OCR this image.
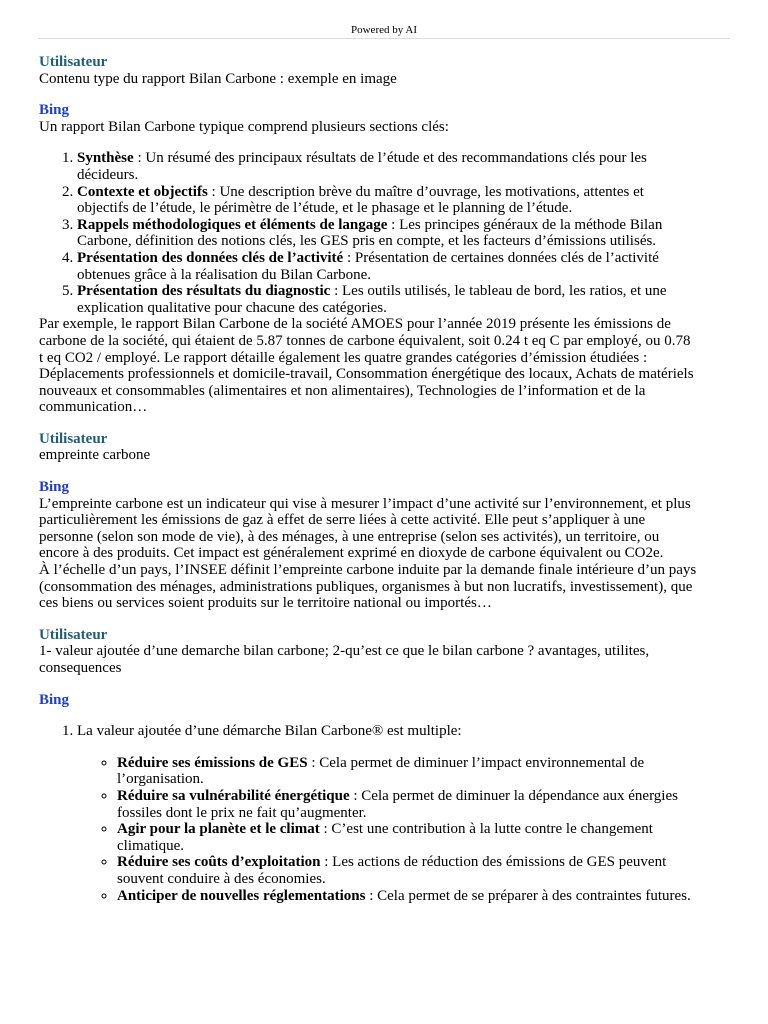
Powered by AI
Utilisateur

Contenu type du rapport Bilan Carbone : exemple en image

Bing

Un rapport Bilan Carbone typique comprend plusieurs sections clés:

1. Synthèse : Un résumé des principaux résultats de l’étude et des recommandations clés pour les décideurs.
2. Contexte et objectifs : Une description brève du maître d’ouvrage, les motivations, attentes et objectifs de l’étude, le périmètre de l’étude, et le phasage et le planning de l’étude.
3. Rappels méthodologiques et éléments de langage : Les principes généraux de la méthode Bilan Carbone, définition des notions clés, les GES pris en compte, et les facteurs d’émissions utilisés.
4. Présentation des données clés de l’activité : Présentation de certaines données clés de l’activité obtenues grâce à la réalisation du Bilan Carbone.
5. Présentation des résultats du diagnostic : Les outils utilisés, le tableau de bord, les ratios, et une explication qualitative pour chacune des catégories.

Par exemple, le rapport Bilan Carbone de la société AMOES pour l’année 2019 présente les émissions de carbone de la société, qui étaient de 5.87 tonnes de carbone équivalent, soit 0.24 t eq C par employé, ou 0.78 t eq CO2 / employé. Le rapport détaille également les quatre grandes catégories d’émission étudiées : Déplacements professionnels et domicile-travail, Consommation énergétique des locaux, Achats de matériels nouveaux et consommables (alimentaires et non alimentaires), Technologies de l’information et de la communication…

Utilisateur

empreinte carbone

Bing

L’empreinte carbone est un indicateur qui vise à mesurer l’impact d’une activité sur l’environnement, et plus particulièrement les émissions de gaz à effet de serre liées à cette activité. Elle peut s’appliquer à une personne (selon son mode de vie), à des ménages, à une entreprise (selon ses activités), un territoire, ou encore à des produits. Cet impact est généralement exprimé en dioxyde de carbone équivalent ou CO2e.

À l’échelle d’un pays, l’INSEE définit l’empreinte carbone induite par la demande finale intérieure d’un pays (consommation des ménages, administrations publiques, organismes à but non lucratifs, investissement), que ces biens ou services soient produits sur le territoire national ou importés…

Utilisateur

1- valeur ajoutée d’une demarche bilan carbone; 2-qu’est ce que le bilan carbone ? avantages, utilites, consequences

Bing
1. La valeur ajoutée d’une démarche Bilan Carbone® est multiple:
◦ Réduire ses émissions de GES : Cela permet de diminuer l’impact environnemental de l’organisation.
◦ Réduire sa vulnérabilité énergétique : Cela permet de diminuer la dépendance aux énergies fossiles dont le prix ne fait qu’augmenter.
◦ Agir pour la planète et le climat : C’est une contribution à la lutte contre le changement climatique.
◦ Réduire ses coûts d’exploitation : Les actions de réduction des émissions de GES peuvent souvent conduire à des économies.
◦ Anticiper de nouvelles réglementations : Cela permet de se préparer à des contraintes futures.
